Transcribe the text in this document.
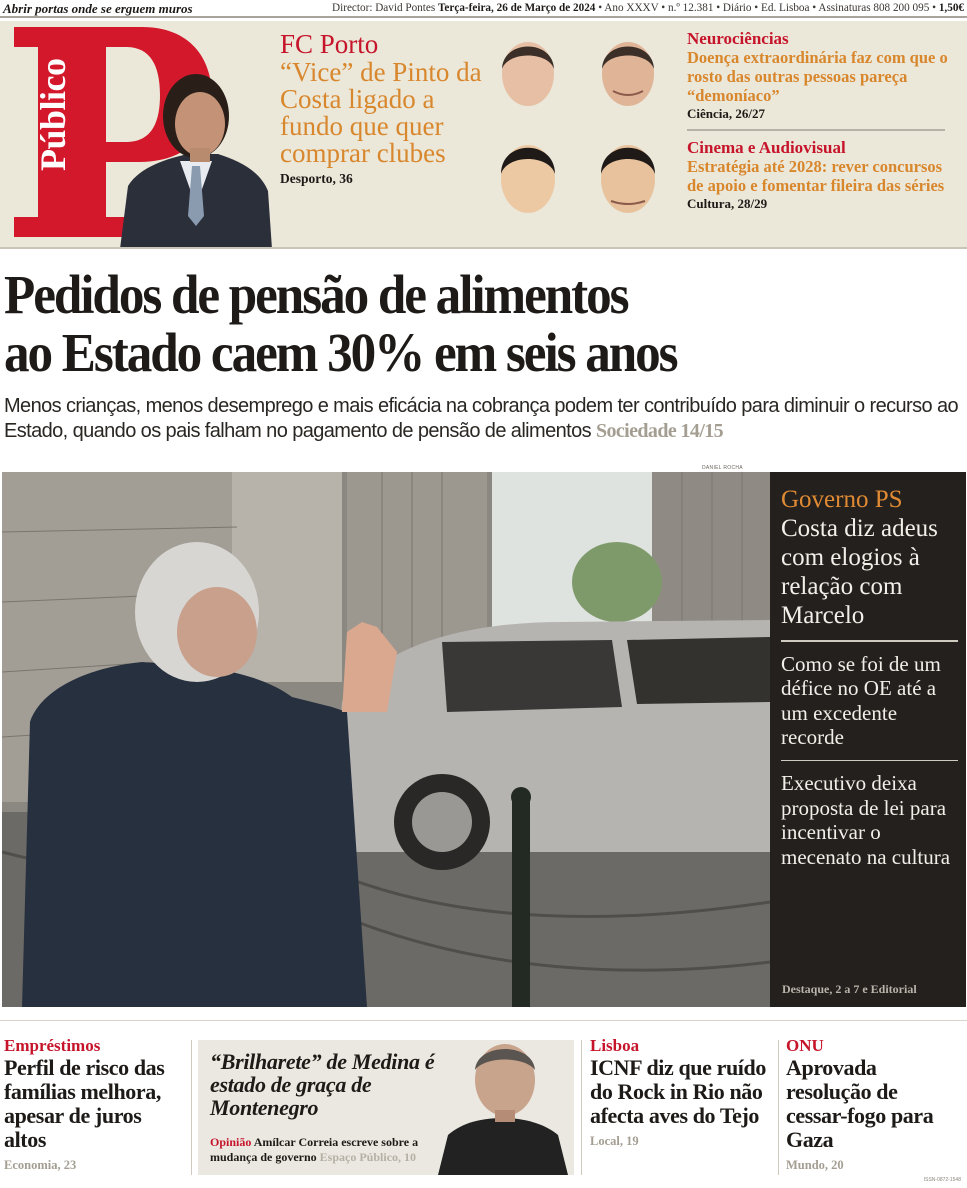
Abrir portas onde se erguem muros	Director: David Pontes Terça-feira, 26 de Março de 2024 • Ano XXXV • n.º 12.381 • Diário • Ed. Lisboa • Assinaturas 808 200 095 • 1,50€
Público
FC Porto
“Vice” de Pinto da Costa ligado a fundo que quer comprar clubes
Desporto, 36
Neurociências
Doença extraordinária faz com que o rosto das outras pessoas pareça “demoníaco”
Ciência, 26/27
Cinema e Audiovisual
Estratégia até 2028: rever concursos de apoio e fomentar fileira das séries
Cultura, 28/29
Pedidos de pensão de alimentos
ao Estado caem 30% em seis anos
Menos crianças, menos desemprego e mais eficácia na cobrança podem ter contribuído para diminuir o recurso ao Estado, quando os pais falham no pagamento de pensão de alimentos Sociedade 14/15
DANIEL ROCHA
Governo PS
Costa diz adeus com elogios à relação com Marcelo
Como se foi de um défice no OE até a um excedente recorde
Executivo deixa proposta de lei para incentivar o mecenato na cultura
Destaque, 2 a 7 e Editorial
Empréstimos
Perfil de risco das famílias melhora, apesar de juros altos
Economia, 23
“Brilharete” de Medina é estado de graça de Montenegro
Opinião Amílcar Correia escreve sobre a mudança de governo Espaço Público, 10
Lisboa
ICNF diz que ruído do Rock in Rio não afecta aves do Tejo
Local, 19
ONU
Aprovada resolução de cessar-fogo para Gaza
Mundo, 20
ISSN-0872-1548
